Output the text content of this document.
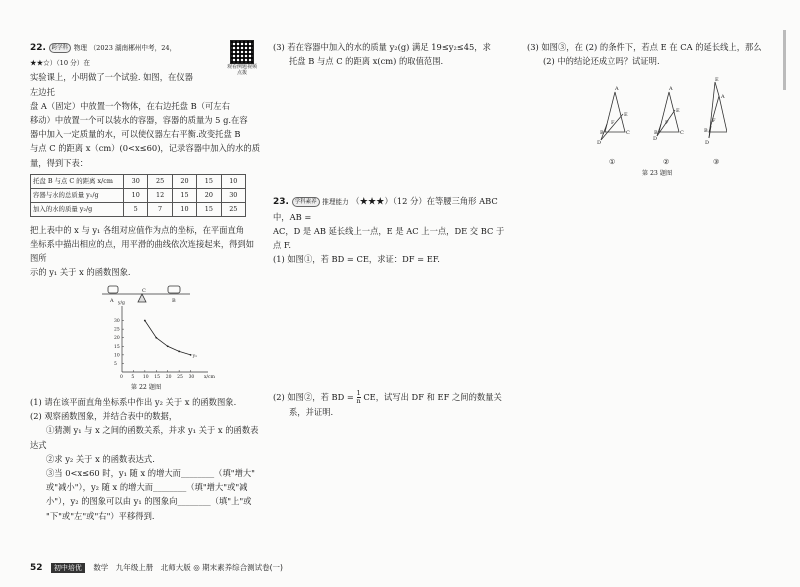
观看例题视频点拨

22. 跨学科 物理 （2023 湖南郴州中考，24，★★☆）（10 分）在

实验课上，小明做了一个试验. 如图，在仪器左边托

盘 A（固定）中放置一个物体，在右边托盘 B（可左右

移动）中放置一个可以装水的容器，容器的质量为 5 g.在容

器中加入一定质量的水，可以使仪器左右平衡.改变托盘 B

与点 C 的距离 x（cm）(0<x≤60)，记录容器中加入的水的质

量，得到下表：

托盘 B 与点 C 的距离 x/cm	30	25	20	15	10
容器与水的总质量 y₁/g	10	12	15	20	30
加入的水的质量 y₂/g	5	7	10	15	25

把上表中的 x 与 y₁ 各组对应值作为点的坐标，在平面直角

坐标系中描出相应的点，用平滑的曲线依次连接起来，得到如图所

示的 y₁ 关于 x 的函数图象.

A
C
B
0 5 10 15 20 25 30
5
10
15
20
25
30
x/cm
y/g
y₁
第 22 题图

(1) 请在该平面直角坐标系中作出 y₂ 关于 x 的函数图象.

(2) 观察函数图象，并结合表中的数据，

①猜测 y₁ 与 x 之间的函数关系，并求 y₁ 关于 x 的函数表达式

②求 y₂ 关于 x 的函数表达式.

③当 0<x≤60 时，y₁ 随 x 的增大而________（填"增大"

或"减小"），y₂ 随 x 的增大而________（填"增大"或"减

小"），y₂ 的图象可以由 y₁ 的图象向________（填"上"或

"下"或"左"或"右"）平移得到.

(3) 若在容器中加入的水的质量 y₂(g) 满足 19≤y₂≤45，求

托盘 B 与点 C 的距离 x(cm) 的取值范围.

23. 学科素养 推理能力 （★★★）（12 分）在等腰三角形 ABC 中，AB =

AC，D 是 AB 延长线上一点，E 是 AC 上一点，DE 交 BC 于点 F.

(1) 如图①，若 BD = CE，求证：DF = EF.

(2) 如图②，若 BD = $\frac{1}{n}$ CE，试写出 DF 和 EF 之间的数量关

系，并证明.

(3) 如图③，在 (2) 的条件下，若点 E 在 CA 的延长线上，那么

(2) 中的结论还成立吗？试证明.

A
B	C
E
F
D
A
B	C
E
F
D
E
A
B
F
D
①	②	③
第 23 题图
52 初中培优 数学　九年级上册　北师大版 ◎ 期末素养综合测试卷(一)
